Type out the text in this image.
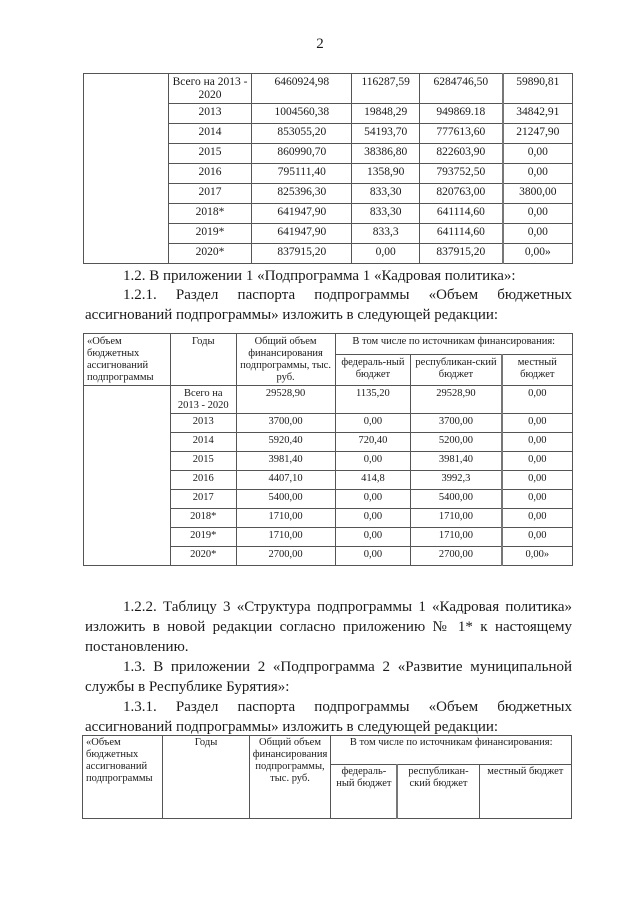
2
	Всего на 2013 - 2020	6460924,98	116287,59	6284746,50	59890,81
	2013	1004560,38	19848,29	949869.18	34842,91
	2014	853055,20	54193,70	777613,60	21247,90
	2015	860990,70	38386,80	822603,90	0,00
	2016	795111,40	1358,90	793752,50	0,00
	2017	825396,30	833,30	820763,00	3800,00
	2018*	641947,90	833,30	641114,60	0,00
	2019*	641947,90	833,3	641114,60	0,00
	2020*	837915,20	0,00	837915,20	0,00»
1.2. В приложении 1 «Подпрограмма 1 «Кадровая политика»:
1.2.1. Раздел паспорта подпрограммы «Объем бюджетных ассигнований подпрограммы» изложить в следующей редакции:
«Объем бюджетных ассигнований подпрограммы	Годы	Общий объем финансирования подпрограммы, тыс. руб.	В том числе по источникам финансирования:		
			федераль-ный бюджет	республикан-ский бюджет	местный бюджет
	Всего на 2013 - 2020	29528,90	1135,20	29528,90	0,00
	2013	3700,00	0,00	3700,00	0,00
	2014	5920,40	720,40	5200,00	0,00
	2015	3981,40	0,00	3981,40	0,00
	2016	4407,10	414,8	3992,3	0,00
	2017	5400,00	0,00	5400,00	0,00
	2018*	1710,00	0,00	1710,00	0,00
	2019*	1710,00	0,00	1710,00	0,00
	2020*	2700,00	0,00	2700,00	0,00»
1.2.2. Таблицу 3 «Структура подпрограммы 1 «Кадровая политика» изложить в новой редакции согласно приложению № 1* к настоящему постановлению.
1.3. В приложении 2 «Подпрограмма 2 «Развитие муниципальной службы в Республике Бурятия»:
1.3.1. Раздел паспорта подпрограммы «Объем бюджетных ассигнований подпрограммы» изложить в следующей редакции:
«Объем бюджетных ассигнований подпрограммы	Годы	Общий объем финансирования подпрограммы, тыс. руб.	В том числе по источникам финансирования:		
			федераль-ный бюджет	республикан-ский бюджет	местный бюджет
